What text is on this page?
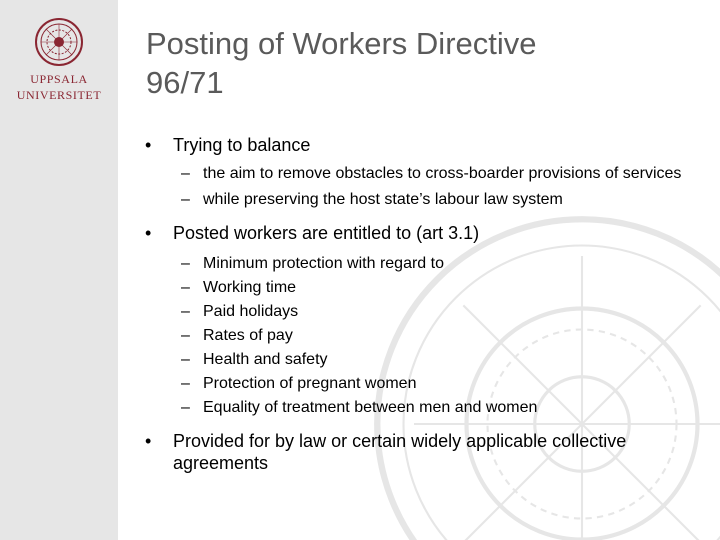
UPPSALA
UNIVERSITET
Posting of Workers Directive
96/71
• Trying to balance
– the aim to remove obstacles to cross-boarder provisions of services
– while preserving the host state’s labour law system
• Posted workers are entitled to (art 3.1)
– Minimum protection with regard to
– Working time
– Paid holidays
– Rates of pay
– Health and safety
– Protection of pregnant women
– Equality of treatment between men and women
• Provided for by law or certain widely applicable collective agreements
